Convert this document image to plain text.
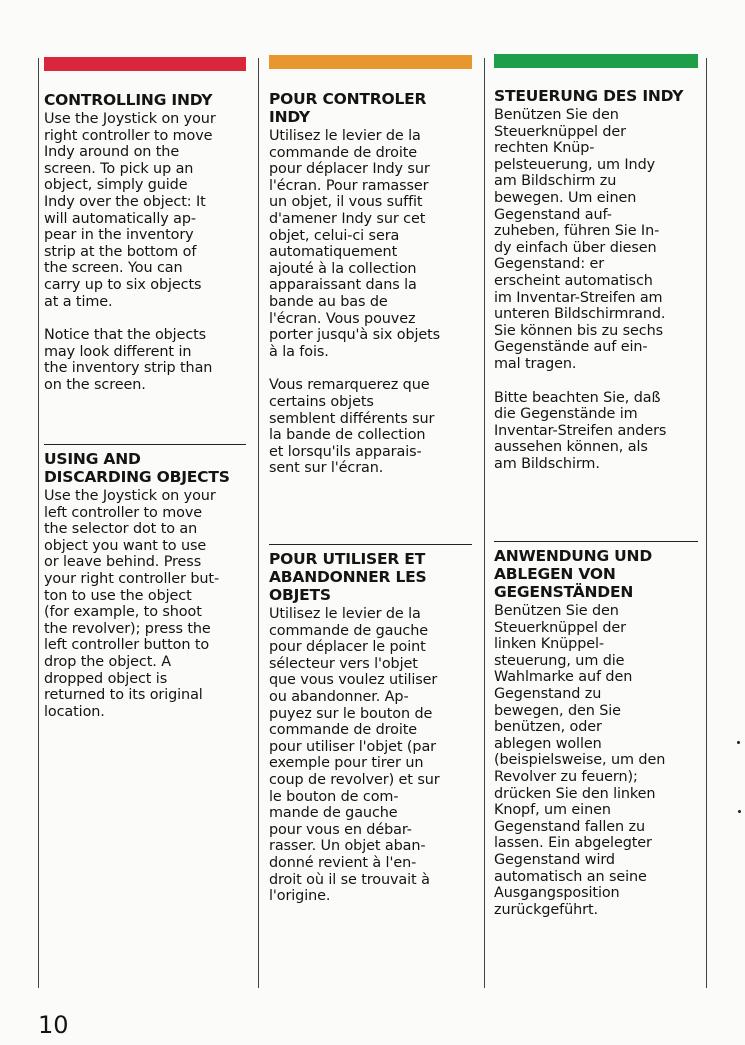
CONTROLLING INDY

Use the Joystick on your
right controller to move
Indy around on the
screen. To pick up an
object, simply guide
Indy over the object: It
will automatically ap-
pear in the inventory
strip at the bottom of
the screen. You can
carry up to six objects
at a time.

Notice that the objects
may look different in
the inventory strip than
on the screen.

USING AND
DISCARDING OBJECTS

Use the Joystick on your
left controller to move
the selector dot to an
object you want to use
or leave behind. Press
your right controller but-
ton to use the object
(for example, to shoot
the revolver); press the
left controller button to
drop the object. A
dropped object is
returned to its original
location.

POUR CONTROLER
INDY

Utilisez le levier de la
commande de droite
pour déplacer Indy sur
l'écran. Pour ramasser
un objet, il vous suffit
d'amener Indy sur cet
objet, celui-ci sera
automatiquement
ajouté à la collection
apparaissant dans la
bande au bas de
l'écran. Vous pouvez
porter jusqu'à six objets
à la fois.

Vous remarquerez que
certains objets
semblent différents sur
la bande de collection
et lorsqu'ils apparais-
sent sur l'écran.

POUR UTILISER ET
ABANDONNER LES
OBJETS

Utilisez le levier de la
commande de gauche
pour déplacer le point
sélecteur vers l'objet
que vous voulez utiliser
ou abandonner. Ap-
puyez sur le bouton de
commande de droite
pour utiliser l'objet (par
exemple pour tirer un
coup de revolver) et sur
le bouton de com-
mande de gauche
pour vous en débar-
rasser. Un objet aban-
donné revient à l'en-
droit où il se trouvait à
l'origine.

STEUERUNG DES INDY

Benützen Sie den
Steuerknüppel der
rechten Knüp-
pelsteuerung, um Indy
am Bildschirm zu
bewegen. Um einen
Gegenstand auf-
zuheben, führen Sie In-
dy einfach über diesen
Gegenstand: er
erscheint automatisch
im Inventar-Streifen am
unteren Bildschirmrand.
Sie können bis zu sechs
Gegenstände auf ein-
mal tragen.

Bitte beachten Sie, daß
die Gegenstände im
Inventar-Streifen anders
aussehen können, als
am Bildschirm.

ANWENDUNG UND
ABLEGEN VON
GEGENSTÄNDEN

Benützen Sie den
Steuerknüppel der
linken Knüppel-
steuerung, um die
Wahlmarke auf den
Gegenstand zu
bewegen, den Sie
benützen, oder
ablegen wollen
(beispielsweise, um den
Revolver zu feuern);
drücken Sie den linken
Knopf, um einen
Gegenstand fallen zu
lassen. Ein abgelegter
Gegenstand wird
automatisch an seine
Ausgangsposition
zurückgeführt.

10
